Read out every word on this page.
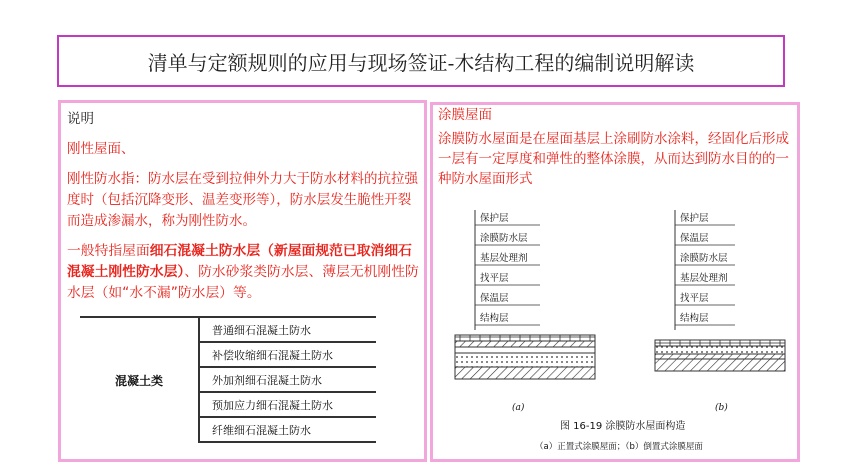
清单与定额规则的应用与现场签证-木结构工程的编制说明解读

说明

刚性屋面、

刚性防水指：防水层在受到拉伸外力大于防水材料的抗拉强度时（包括沉降变形、温差变形等），防水层发生脆性开裂而造成渗漏水，称为刚性防水。

一般特指屋面细石混凝土防水层（新屋面规范已取消细石混凝土刚性防水层）、防水砂浆类防水层、薄层无机刚性防水层（如“水不漏”防水层）等。

混凝土类	普通细石混凝土防水
补偿收缩细石混凝土防水
外加剂细石混凝土防水
预加应力细石混凝土防水
纤维细石混凝土防水

涂膜屋面

涂膜防水屋面是在屋面基层上涂刷防水涂料，经固化后形成一层有一定厚度和弹性的整体涂膜，从而达到防水目的的一种防水屋面形式

保护层
涂膜防水层
基层处理剂
找平层
保温层
结构层
(a)
保护层
保温层
涂膜防水层
基层处理剂
找平层
结构层
(b)
图 16-19 涂膜防水屋面构造
（a）正置式涂膜屋面；（b）倒置式涂膜屋面
